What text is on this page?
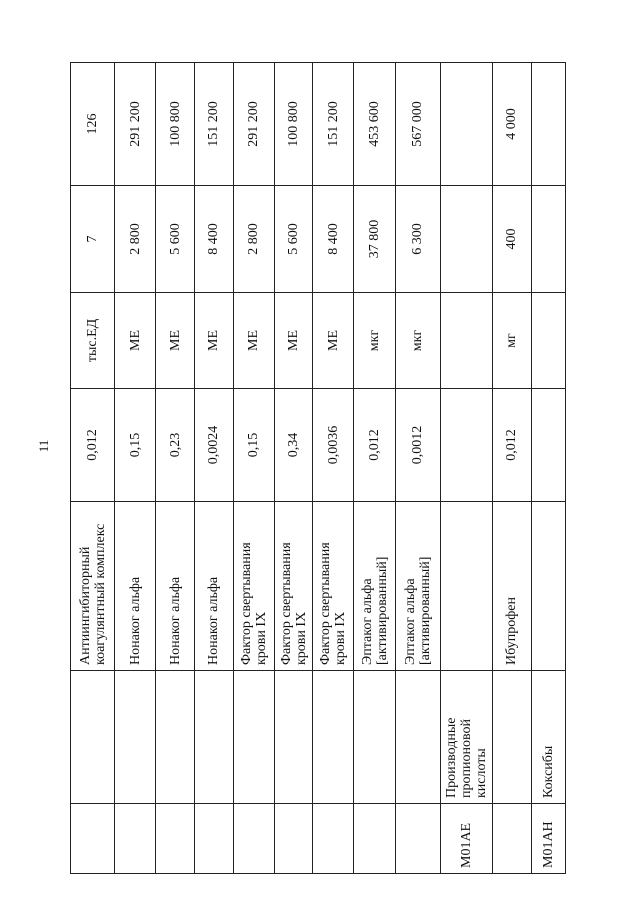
11
		Антиингибиторный коагулянтный комплекс	0,012	тыс.ЕД	7	126
		Нонаког альфа	0,15	МЕ	2 800	291 200
		Нонаког альфа	0,23	МЕ	5 600	100 800
		Нонаког альфа	0,0024	МЕ	8 400	151 200
		Фактор свертывания крови IX	0,15	МЕ	2 800	291 200
		Фактор свертывания крови IX	0,34	МЕ	5 600	100 800
		Фактор свертывания крови IX	0,0036	МЕ	8 400	151 200
		Эптаког альфа [активированный]	0,012	мкг	37 800	453 600
		Эптаког альфа [активированный]	0,0012	мкг	6 300	567 000
M01AE	Производные пропионовой кислоты					
		Ибупрофен	0,012	мг	400	4 000
M01AH	Коксибы					
